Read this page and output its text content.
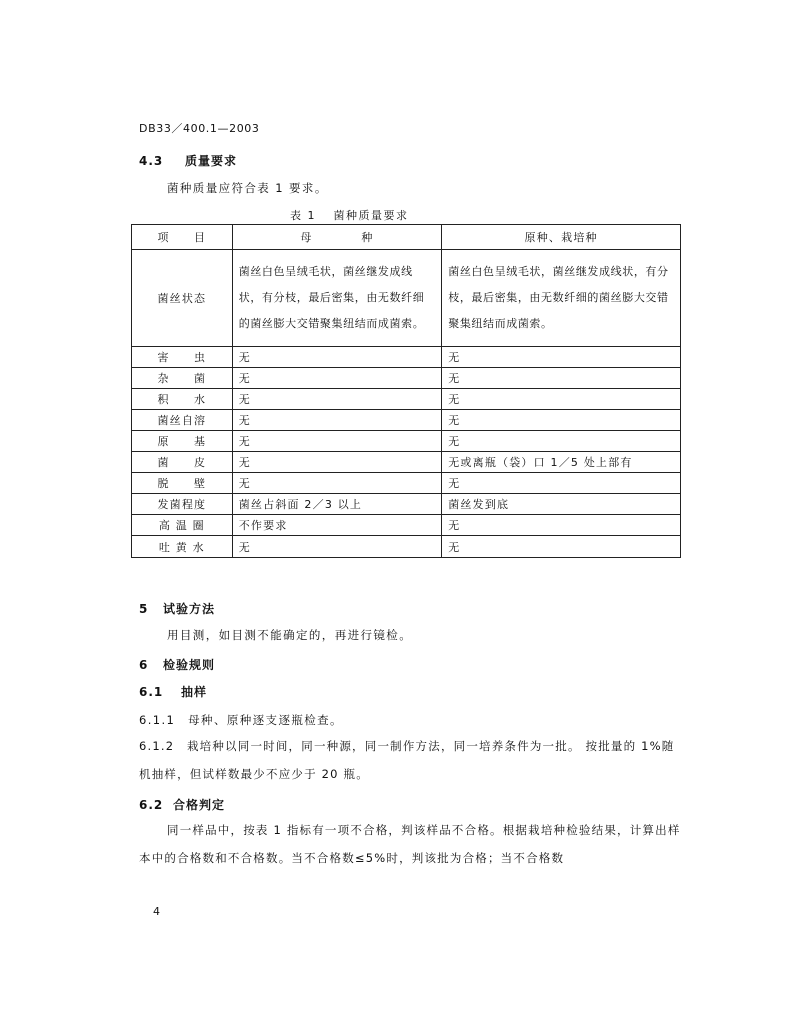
DB33／400.1—2003
4.3 质量要求
菌种质量应符合表 1 要求。
表 1　 菌种质量要求
项　　目	母　　　　种	原种、栽培种
菌丝状态	菌丝白色呈绒毛状，菌丝继发成线状，有分枝，最后密集，由无数纤细的菌丝膨大交错聚集纽结而成菌索。	菌丝白色呈绒毛状，菌丝继发成线状，有分枝，最后密集，由无数纤细的菌丝膨大交错聚集纽结而成菌索。
害　　虫	无	无
杂　　菌	无	无
积　　水	无	无
菌丝自溶	无	无
原　　基	无	无
菌　　皮	无	无或离瓶（袋）口 1／5 处上部有
脱　　壁	无	无
发菌程度	菌丝占斜面 2／3 以上	菌丝发到底
高 温 圈	不作要求	无
吐 黄 水	无	无
5 试验方法
用目测，如目测不能确定的，再进行镜检。
6 检验规则
6.1 抽样
6.1.1　母种、原种逐支逐瓶检查。
6.1.2　栽培种以同一时间，同一种源，同一制作方法，同一培养条件为一批。 按批量的 1%随机抽样，但试样数最少不应少于 20 瓶。
6.2 合格判定
同一样品中，按表 1 指标有一项不合格，判该样品不合格。根据栽培种检验结果，计算出样本中的合格数和不合格数。当不合格数≤5%时，判该批为合格；当不合格数
4
